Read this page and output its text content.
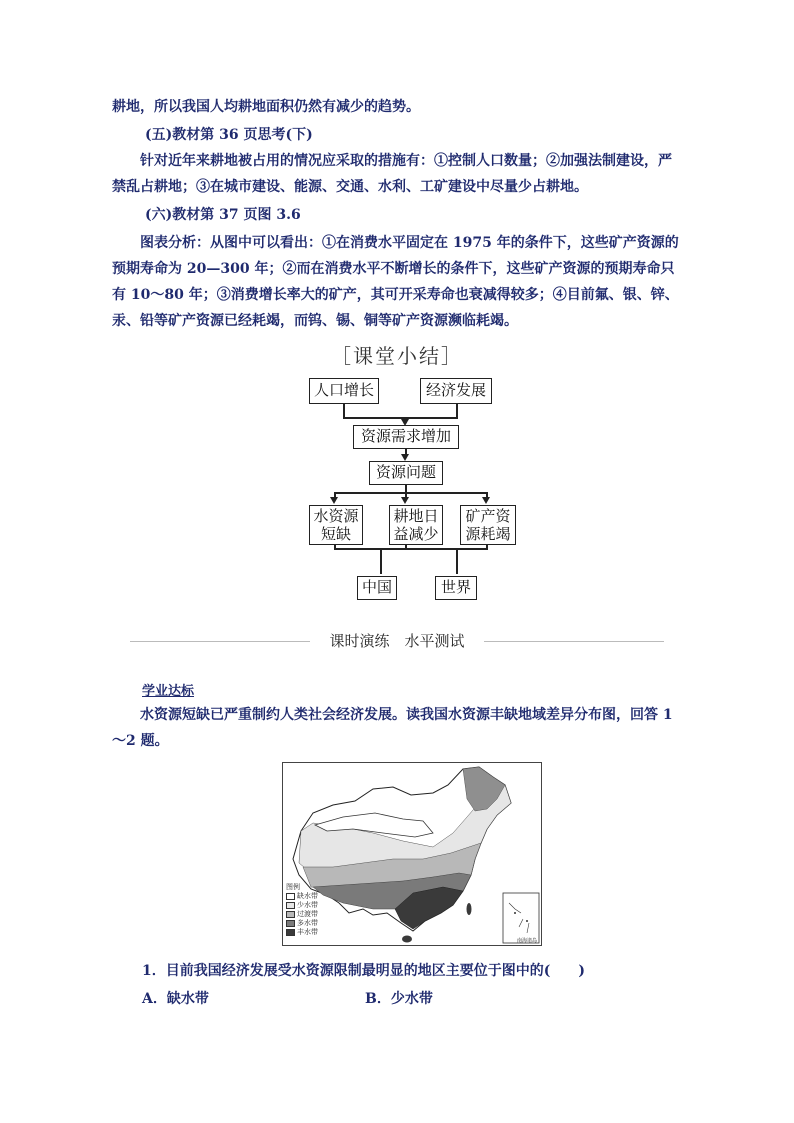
耕地，所以我国人均耕地面积仍然有减少的趋势。
(五)教材第 36 页思考(下)

针对近年来耕地被占用的情况应采取的措施有：①控制人口数量；②加强法制建设，严禁乱占耕地；③在城市建设、能源、交通、水利、工矿建设中尽量少占耕地。

(六)教材第 37 页图 3.6

图表分析：从图中可以看出：①在消费水平固定在 1975 年的条件下，这些矿产资源的预期寿命为 20—300 年；②而在消费水平不断增长的条件下，这些矿产资源的预期寿命只有 10～80 年；③消费增长率大的矿产，其可开采寿命也衰减得较多；④目前氟、银、锌、汞、铅等矿产资源已经耗竭，而钨、锡、铜等矿产资源濒临耗竭。

［课堂小结］
人口增长	经济发展
资源需求增加
资源问题
水资源
短缺
耕地日
益减少
矿产资
源耗竭
中国	世界
课时演练　水平测试
学业达标

水资源短缺已严重制约人类社会经济发展。读我国水资源丰缺地域差异分布图，回答 1～2 题。

南海诸岛
图例
缺水带
少水带
过渡带
多水带
丰水带
1．目前我国经济发展受水资源限制最明显的地区主要位于图中的(　　)
A．缺水带	B．少水带
